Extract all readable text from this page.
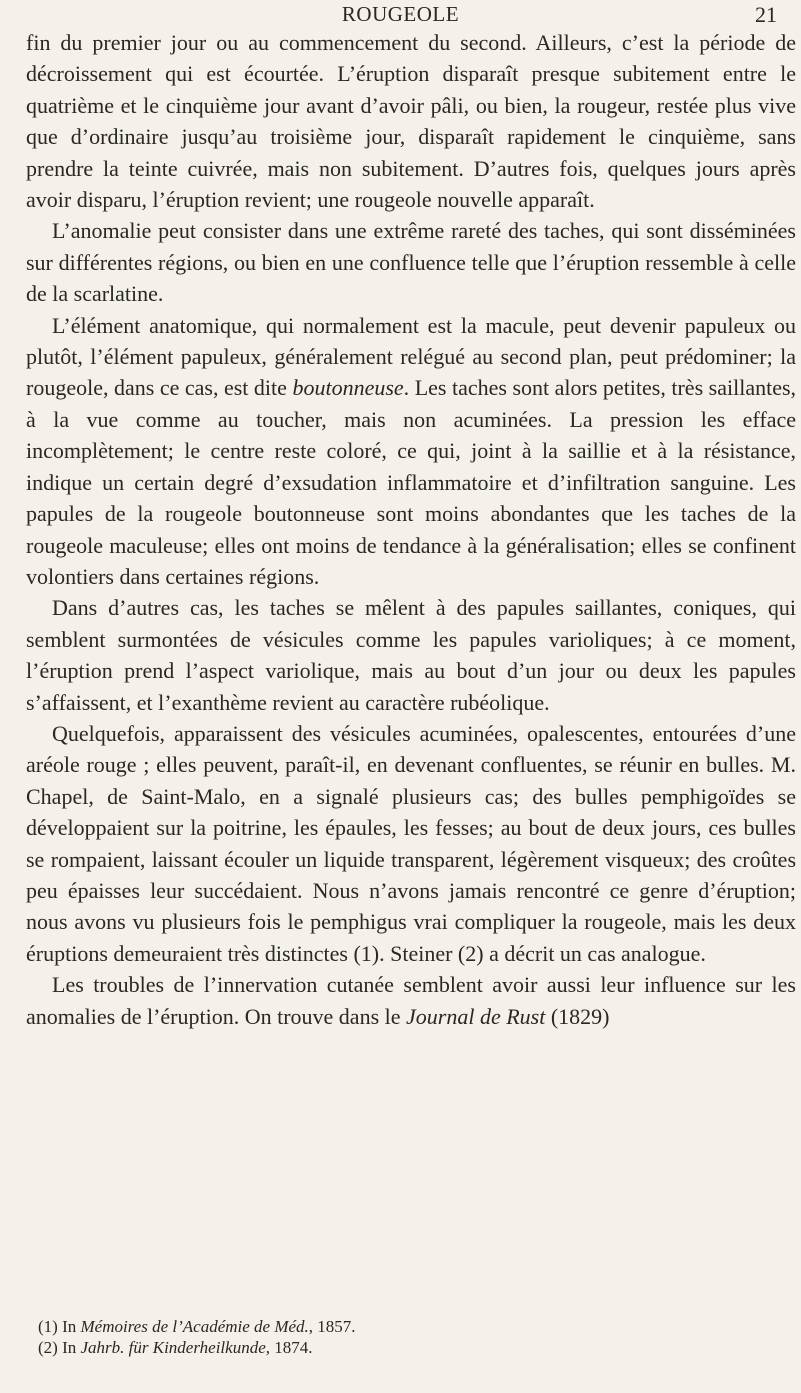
ROUGEOLE	21

fin du premier jour ou au commencement du second. Ailleurs, c’est la période de décroissement qui est écourtée. L’éruption disparaît presque subitement entre le quatrième et le cinquième jour avant d’avoir pâli, ou bien, la rougeur, restée plus vive que d’ordinaire jusqu’au troisième jour, disparaît rapidement le cinquième, sans prendre la teinte cuivrée, mais non subitement. D’autres fois, quelques jours après avoir disparu, l’éruption revient; une rougeole nouvelle apparaît.

L’anomalie peut consister dans une extrême rareté des taches, qui sont disséminées sur différentes régions, ou bien en une confluence telle que l’éruption ressemble à celle de la scarlatine.

L’élément anatomique, qui normalement est la macule, peut devenir papuleux ou plutôt, l’élément papuleux, généralement relégué au second plan, peut prédominer; la rougeole, dans ce cas, est dite boutonneuse. Les taches sont alors petites, très saillantes, à la vue comme au toucher, mais non acuminées. La pression les efface incomplètement; le centre reste coloré, ce qui, joint à la saillie et à la résistance, indique un certain degré d’exsudation inflammatoire et d’infiltration sanguine. Les papules de la rougeole boutonneuse sont moins abondantes que les taches de la rougeole maculeuse; elles ont moins de tendance à la généralisation; elles se confinent volontiers dans certaines régions.

Dans d’autres cas, les taches se mêlent à des papules saillantes, coniques, qui semblent surmontées de vésicules comme les papules varioliques; à ce moment, l’éruption prend l’aspect variolique, mais au bout d’un jour ou deux les papules s’affaissent, et l’exanthème revient au caractère rubéolique.

Quelquefois, apparaissent des vésicules acuminées, opalescentes, entourées d’une aréole rouge ; elles peuvent, paraît-il, en devenant confluentes, se réunir en bulles. M. Chapel, de Saint-Malo, en a signalé plusieurs cas; des bulles pemphigoïdes se développaient sur la poitrine, les épaules, les fesses; au bout de deux jours, ces bulles se rompaient, laissant écouler un liquide transparent, légèrement visqueux; des croûtes peu épaisses leur succédaient. Nous n’avons jamais rencontré ce genre d’éruption; nous avons vu plusieurs fois le pemphigus vrai compliquer la rougeole, mais les deux éruptions demeuraient très distinctes (1). Steiner (2) a décrit un cas analogue.

Les troubles de l’innervation cutanée semblent avoir aussi leur influence sur les anomalies de l’éruption. On trouve dans le Journal de Rust (1829)

(1) In Mémoires de l’Académie de Méd., 1857.

(2) In Jahrb. für Kinderheilkunde, 1874.
